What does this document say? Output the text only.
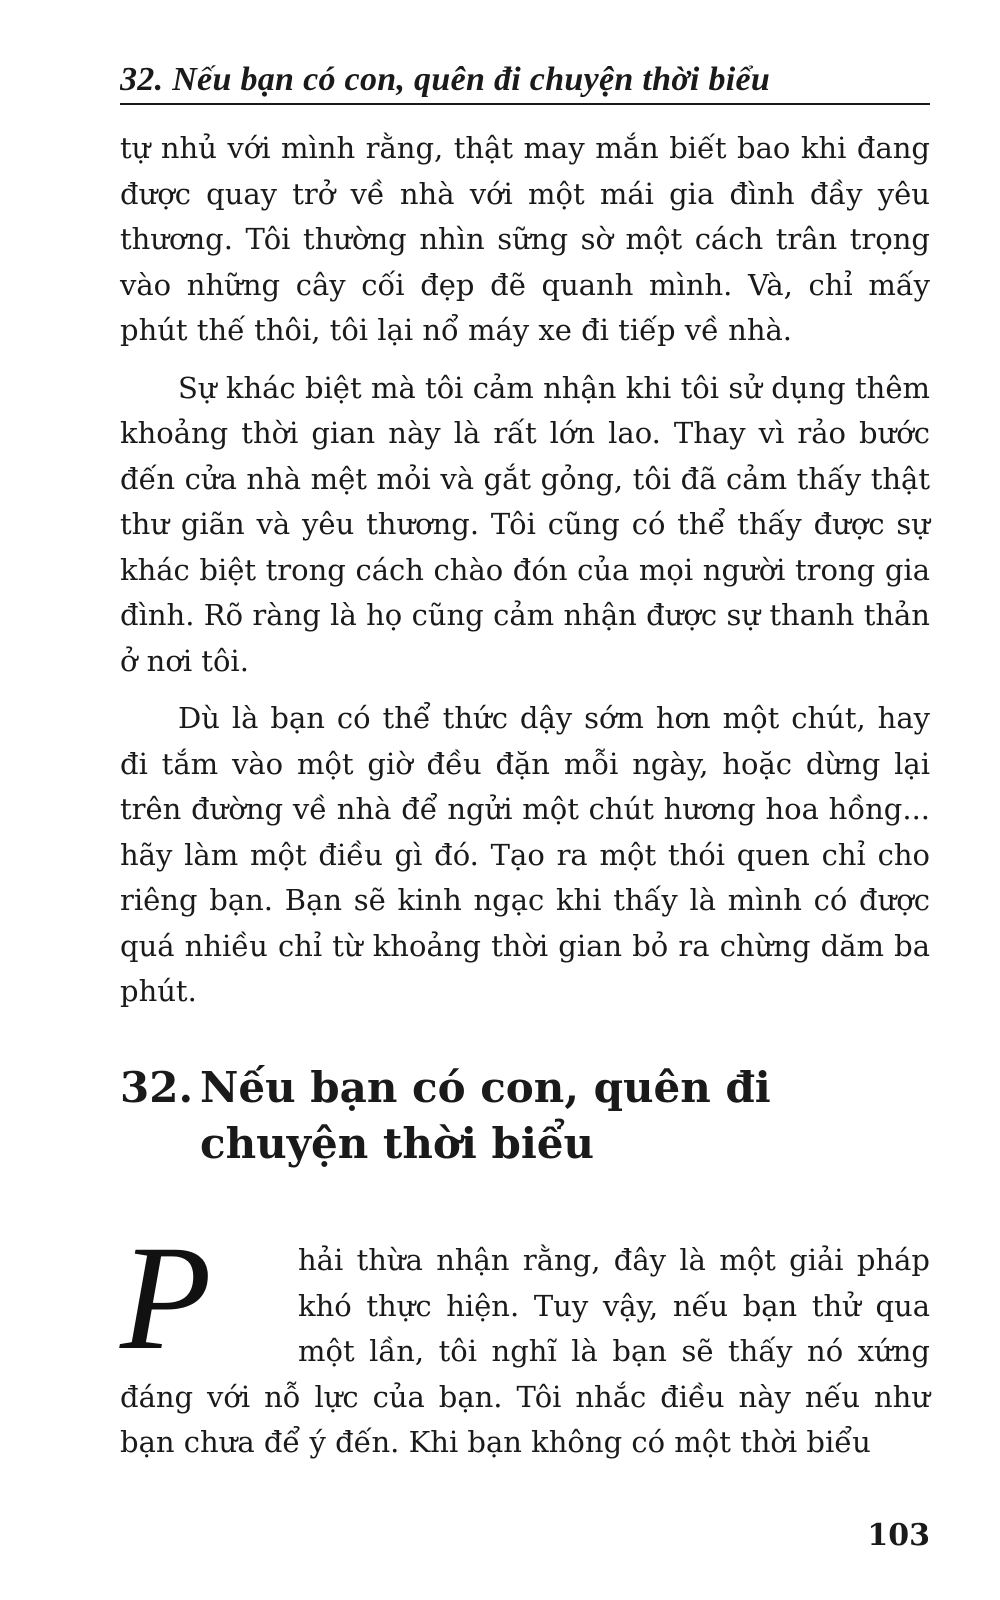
32. Nếu bạn có con, quên đi chuyện thời biểu

tự nhủ với mình rằng, thật may mắn biết bao khi đang được quay trở về nhà với một mái gia đình đầy yêu thương. Tôi thường nhìn sững sờ một cách trân trọng vào những cây cối đẹp đẽ quanh mình. Và, chỉ mấy phút thế thôi, tôi lại nổ máy xe đi tiếp về nhà.

Sự khác biệt mà tôi cảm nhận khi tôi sử dụng thêm khoảng thời gian này là rất lớn lao. Thay vì rảo bước đến cửa nhà mệt mỏi và gắt gỏng, tôi đã cảm thấy thật thư giãn và yêu thương. Tôi cũng có thể thấy được sự khác biệt trong cách chào đón của mọi người trong gia đình. Rõ ràng là họ cũng cảm nhận được sự thanh thản ở nơi tôi.

Dù là bạn có thể thức dậy sớm hơn một chút, hay đi tắm vào một giờ đều đặn mỗi ngày, hoặc dừng lại trên đường về nhà để ngửi một chút hương hoa hồng... hãy làm một điều gì đó. Tạo ra một thói quen chỉ cho riêng bạn. Bạn sẽ kinh ngạc khi thấy là mình có được quá nhiều chỉ từ khoảng thời gian bỏ ra chừng dăm ba phút.

32. Nếu bạn có con, quên đi
chuyện thời biểu
P	hải thừa nhận rằng, đây là một giải pháp khó thực hiện. Tuy vậy, nếu bạn thử qua một lần, tôi nghĩ là bạn sẽ thấy nó xứng đáng với nỗ lực của bạn. Tôi nhắc điều này nếu như bạn chưa để ý đến. Khi bạn không có một thời biểu
103
